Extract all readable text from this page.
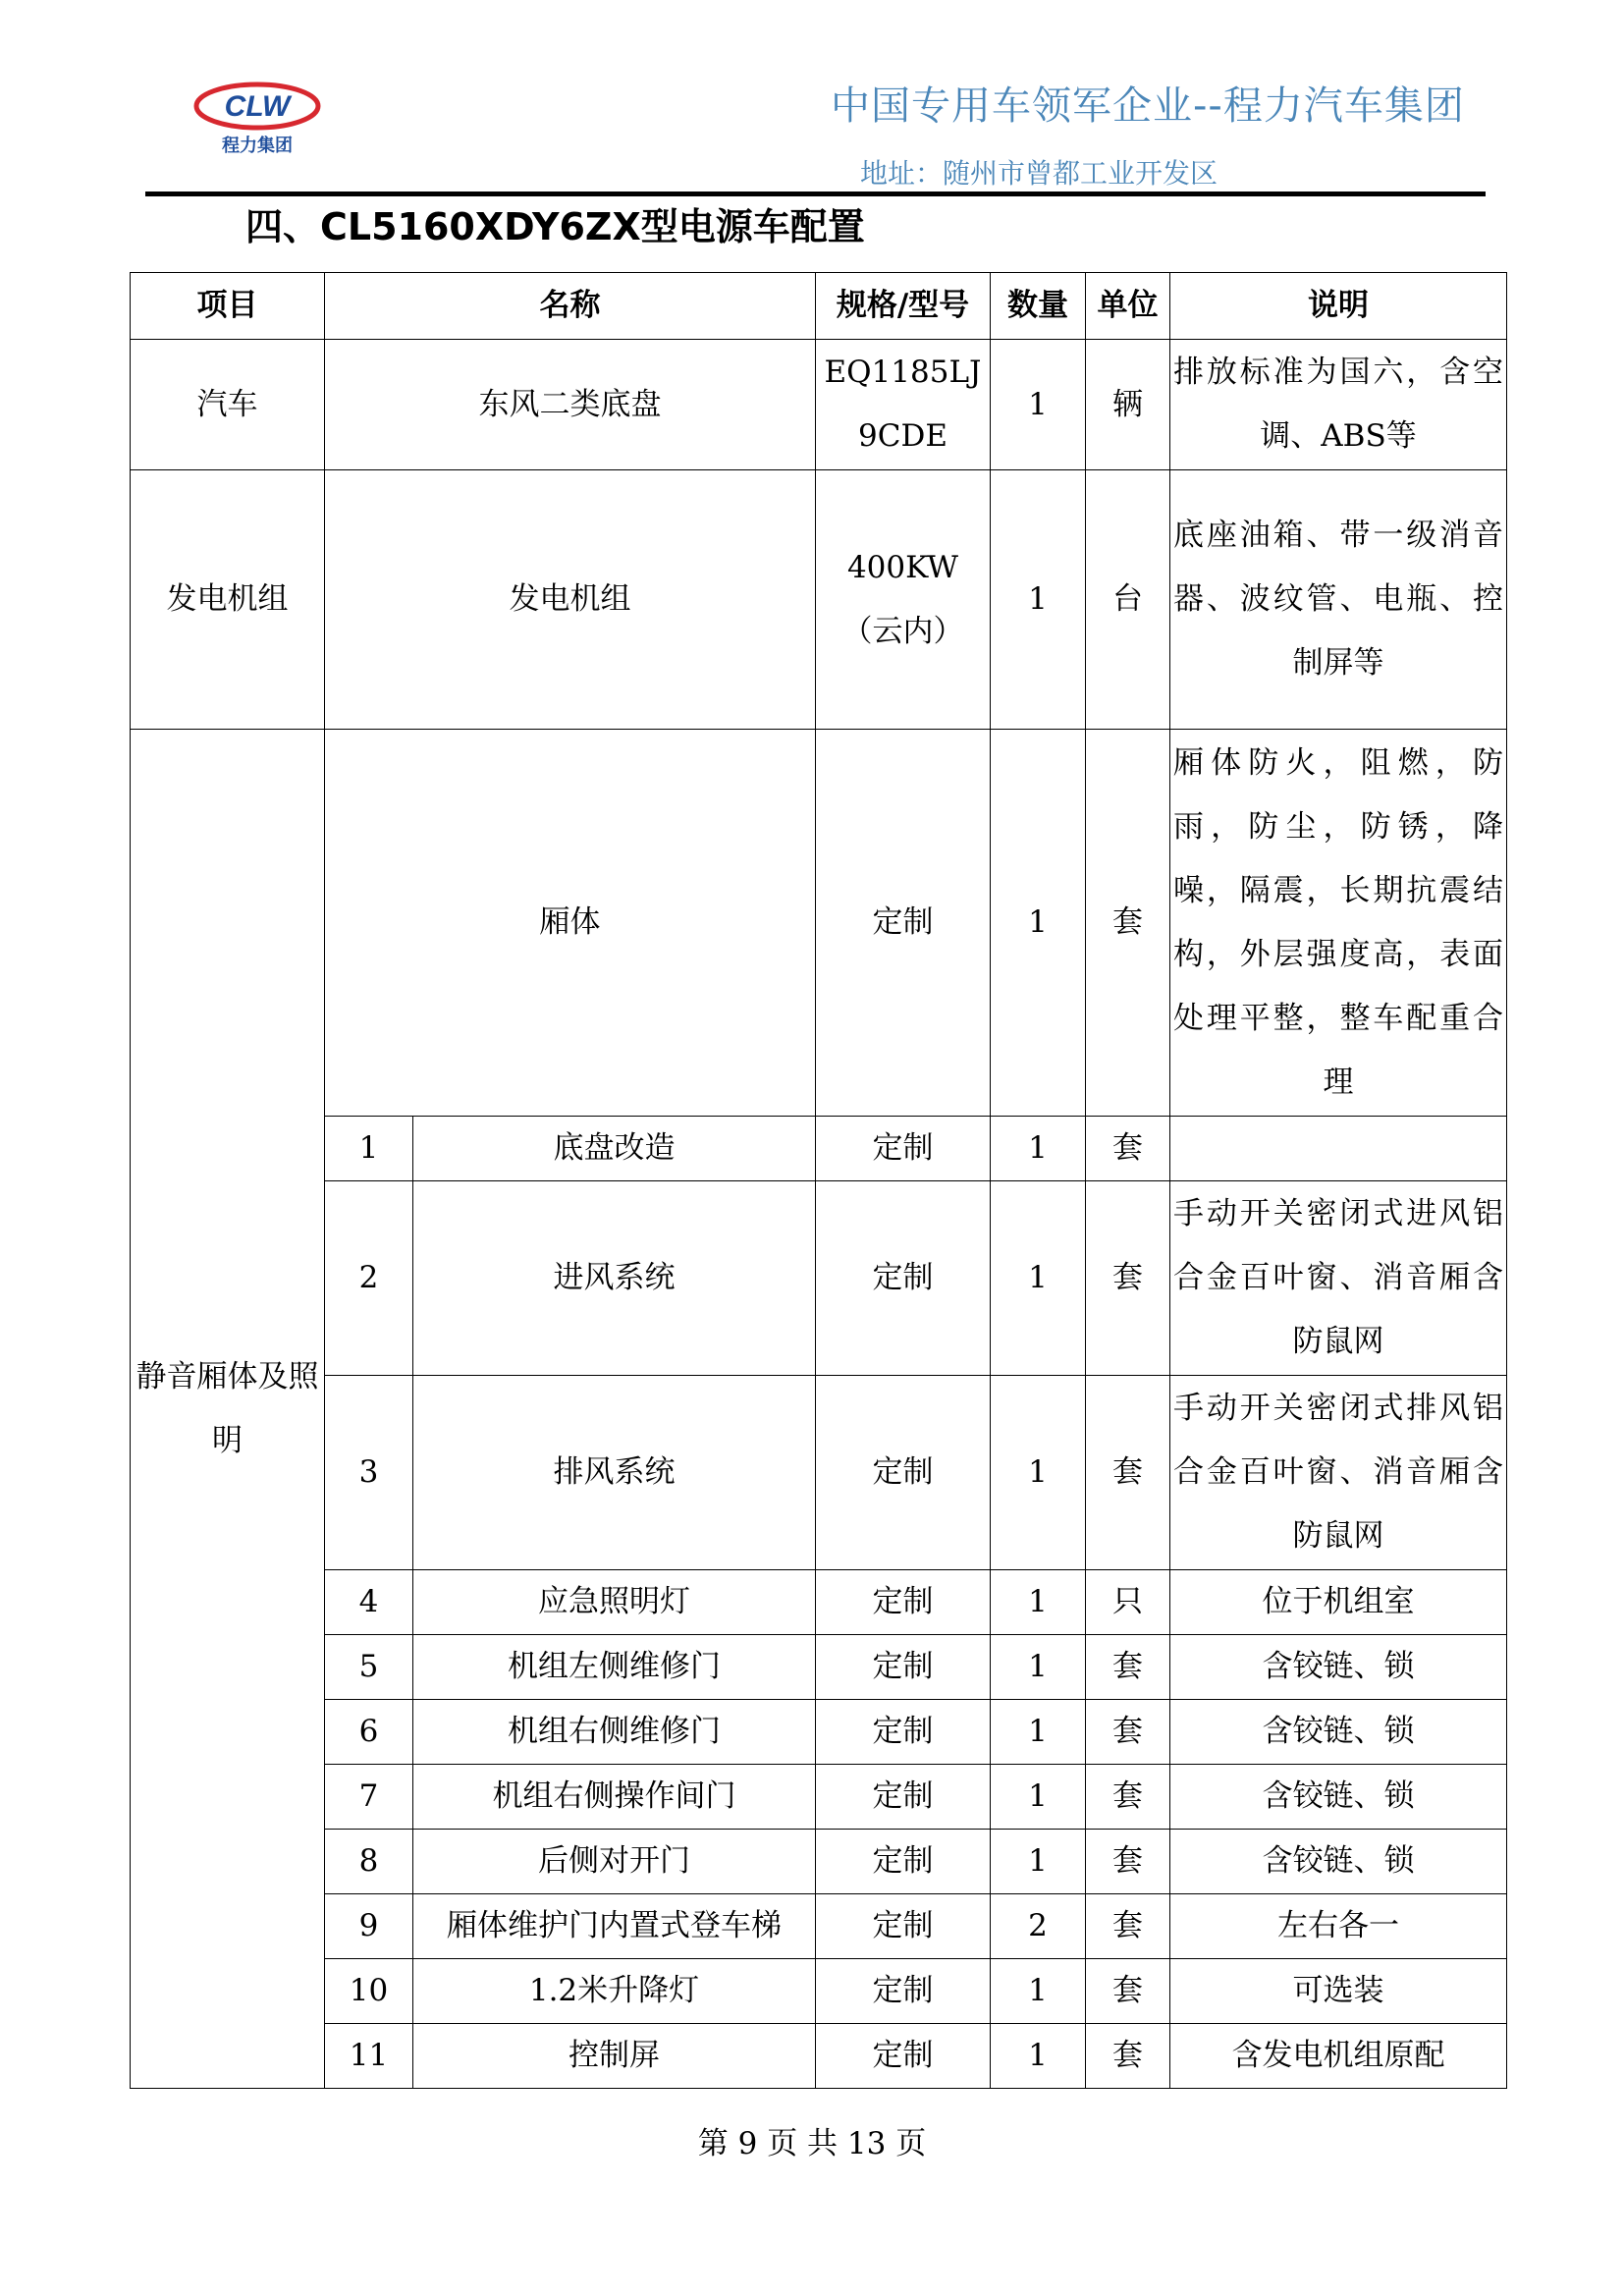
CLW
程力集团
中国专用车领军企业--程力汽车集团
地址：随州市曾都工业开发区
四、CL5160XDY6ZX型电源车配置
项目	名称		规格/型号	数量	单位	说明
汽车	东风二类底盘		EQ1185LJ9CDE	1	辆	排放标准为国六，含空调、ABS等
发电机组	发电机组		400KW（云内）	1	台	底座油箱、带一级消音器、波纹管、电瓶、控制屏等
静音厢体及照明	厢体		定制	1	套	厢体防火，阻燃，防雨，防尘，防锈，降噪，隔震，长期抗震结构，外层强度高，表面处理平整，整车配重合理
	1	底盘改造	定制	1	套	
	2	进风系统	定制	1	套	手动开关密闭式进风铝合金百叶窗、消音厢含防鼠网
	3	排风系统	定制	1	套	手动开关密闭式排风铝合金百叶窗、消音厢含防鼠网
	4	应急照明灯	定制	1	只	位于机组室
	5	机组左侧维修门	定制	1	套	含铰链、锁
	6	机组右侧维修门	定制	1	套	含铰链、锁
	7	机组右侧操作间门	定制	1	套	含铰链、锁
	8	后侧对开门	定制	1	套	含铰链、锁
	9	厢体维护门内置式登车梯	定制	2	套	左右各一
	10	1.2米升降灯	定制	1	套	可选装
	11	控制屏	定制	1	套	含发电机组原配
第 9 页 共 13 页
